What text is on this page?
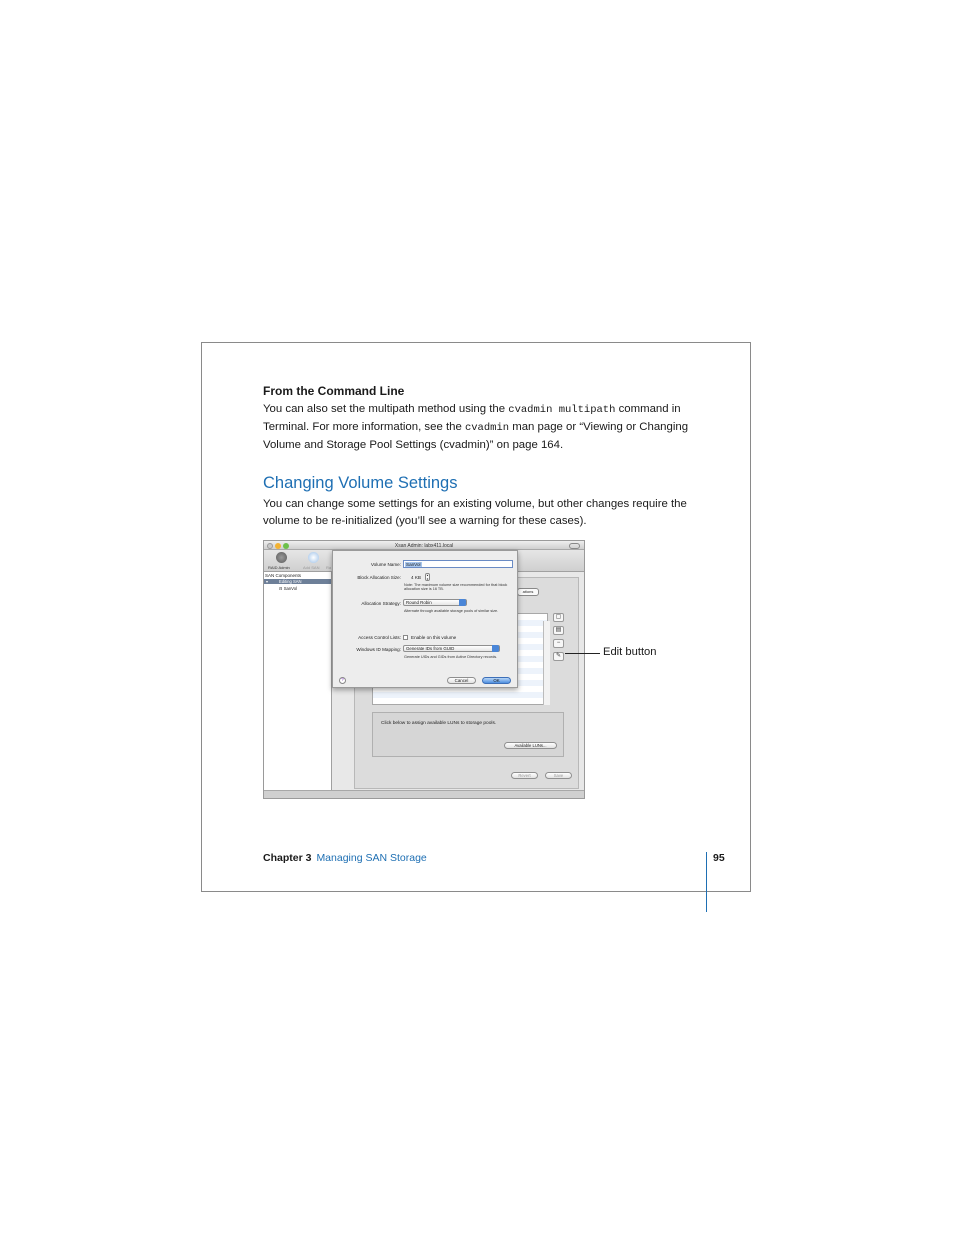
From the Command Line

You can also set the multipath method using the cvadmin multipath command in Terminal. For more information, see the cvadmin man page or “Viewing or Changing Volume and Storage Pool Settings (cvadmin)” on page 164.

Changing Volume Settings

You can change some settings for an existing volume, but other changes require the volume to be re-initialized (you’ll see a warning for these cases).

Xsan Admin: labx411.local
RAID Admin	Add SAN Ra
SAN Components
▾	Editing SAN
⊟ SanVol
ations
▢
▤
−
✎
Click below to assign available LUNs to storage pools.
Available LUNs...
Revert	Save
Volume Name: SanVol
Block Allocation Size: 4 KB	▴
▾
Note: The maximum volume size recommended for that block allocation size is 16 TB.
Allocation Strategy:	Round Robin
Alternate through available storage pools of similar size.
Access Control Lists: Enable on this volume
Windows ID Mapping:	Generate IDs from GUID
Generate UIDs and GIDs from Active Directory records.
?	Cancel	OK
Edit button
Chapter 3 Managing SAN Storage	95
